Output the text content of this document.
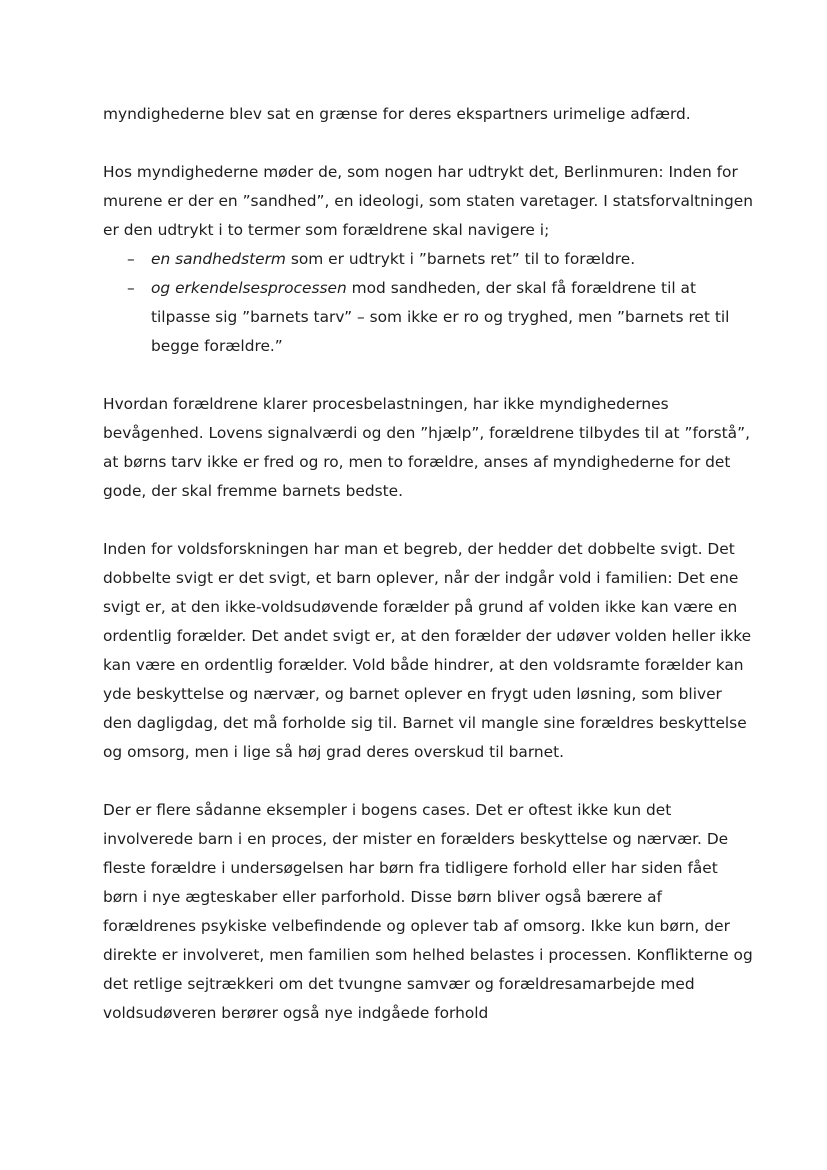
myndighederne blev sat en grænse for deres ekspartners urimelige adfærd.

Hos myndighederne møder de, som nogen har udtrykt det, Berlinmuren: Inden for murene er der en ”sandhed”, en ideologi, som staten varetager. I statsforvaltningen er den udtrykt i to termer som forældrene skal navigere i;

– en sandhedsterm som er udtrykt i ”barnets ret” til to forældre.
– og erkendelsesprocessen mod sandheden, der skal få forældrene til at tilpasse sig ”barnets tarv” – som ikke er ro og tryghed, men ”barnets ret til begge forældre.”

Hvordan forældrene klarer procesbelastningen, har ikke myndighedernes bevågenhed. Lovens signalværdi og den ”hjælp”, forældrene tilbydes til at ”forstå”, at børns tarv ikke er fred og ro, men to forældre, anses af myndighederne for det gode, der skal fremme barnets bedste.

Inden for voldsforskningen har man et begreb, der hedder det dobbelte svigt. Det dobbelte svigt er det svigt, et barn oplever, når der indgår vold i familien: Det ene svigt er, at den ikke-voldsudøvende forælder på grund af volden ikke kan være en ordentlig forælder. Det andet svigt er, at den forælder der udøver volden heller ikke kan være en ordentlig forælder. Vold både hindrer, at den voldsramte forælder kan yde beskyttelse og nærvær, og barnet oplever en frygt uden løsning, som bliver den dagligdag, det må forholde sig til. Barnet vil mangle sine forældres beskyttelse og omsorg, men i lige så høj grad deres overskud til barnet.

Der er flere sådanne eksempler i bogens cases. Det er oftest ikke kun det involverede barn i en proces, der mister en forælders beskyttelse og nærvær. De fleste forældre i undersøgelsen har børn fra tidligere forhold eller har siden fået børn i nye ægteskaber eller parforhold. Disse børn bliver også bærere af forældrenes psykiske velbefindende og oplever tab af omsorg. Ikke kun børn, der direkte er involveret, men familien som helhed belastes i processen. Konflikterne og det retlige sejtrækkeri om det tvungne samvær og forældresamarbejde med voldsudøveren berører også nye indgåede forhold
